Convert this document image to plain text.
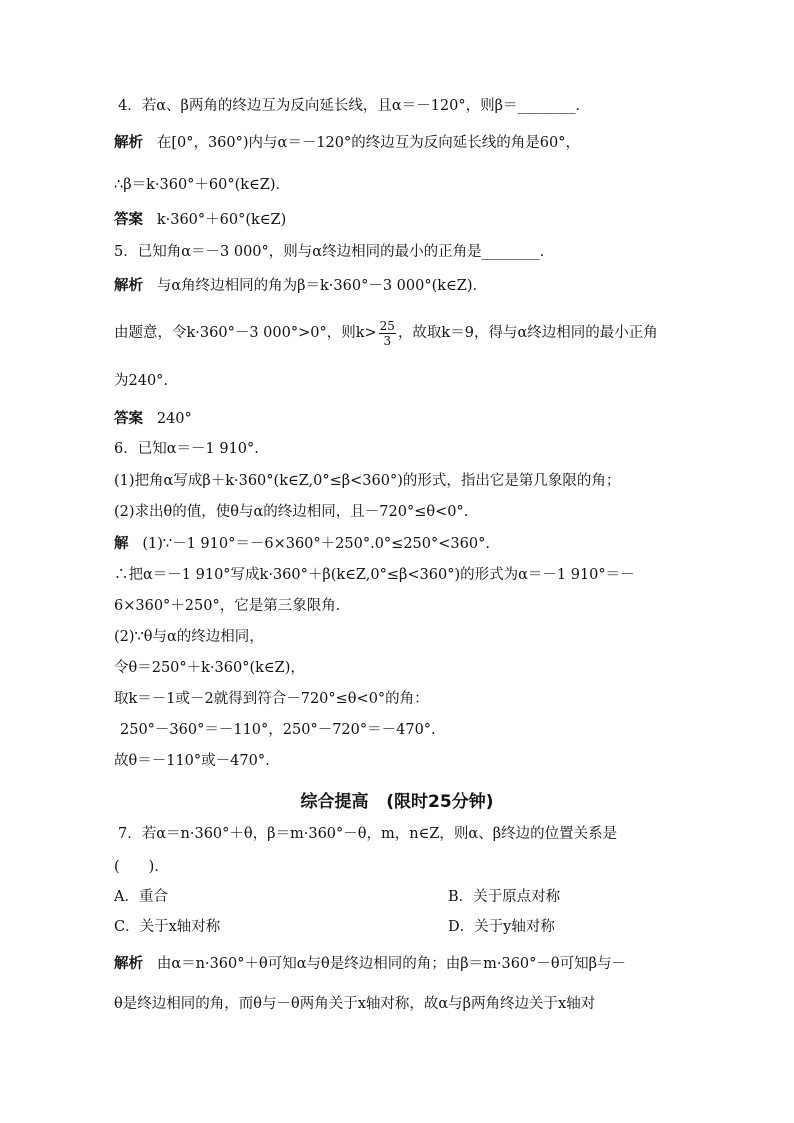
4．若α、β两角的终边互为反向延长线，且α＝－120°，则β＝________．
解析 在[0°，360°)内与α＝－120°的终边互为反向延长线的角是60°，
∴β＝k·360°＋60°(k∈Z)．
答案 k·360°＋60°(k∈Z)
5．已知角α＝－3 000°，则与α终边相同的最小的正角是________．
解析 与α角终边相同的角为β＝k·360°－3 000°(k∈Z)．
由题意，令k·360°－3 000°>0°，则$k> \frac{25}{3}$ ，故取k＝9，得与α终边相同的最小正角
为240°.
答案 240°
6．已知α＝－1 910°.
(1)把角α写成β＋k·360°(k∈Z,0°≤β<360°)的形式，指出它是第几象限的角；
(2)求出θ的值，使θ与α的终边相同，且－720°≤θ<0°.
解 (1)∵－1 910°＝－6×360°＋250°.0°≤250°<360°.
∴把α＝－1 910°写成k·360°＋β(k∈Z,0°≤β<360°)的形式为α＝－1 910°＝－
6×360°＋250°，它是第三象限角．
(2)∵θ与α的终边相同，
令θ＝250°＋k·360°(k∈Z)，
取k＝－1或－2就得到符合－720°≤θ<0°的角：
250°－360°＝－110°，250°－720°＝－470°.
故θ＝－110°或－470°.
综合提高 (限时25分钟)
7．若α＝n·360°＋θ，β＝m·360°－θ，m，n∈Z，则α、β终边的位置关系是
(　　)．
A．重合	B．关于原点对称
C．关于x轴对称	D．关于y轴对称
解析 由α＝n·360°＋θ可知α与θ是终边相同的角；由β＝m·360°－θ可知β与－
θ是终边相同的角，而θ与－θ两角关于x轴对称，故α与β两角终边关于x轴对
